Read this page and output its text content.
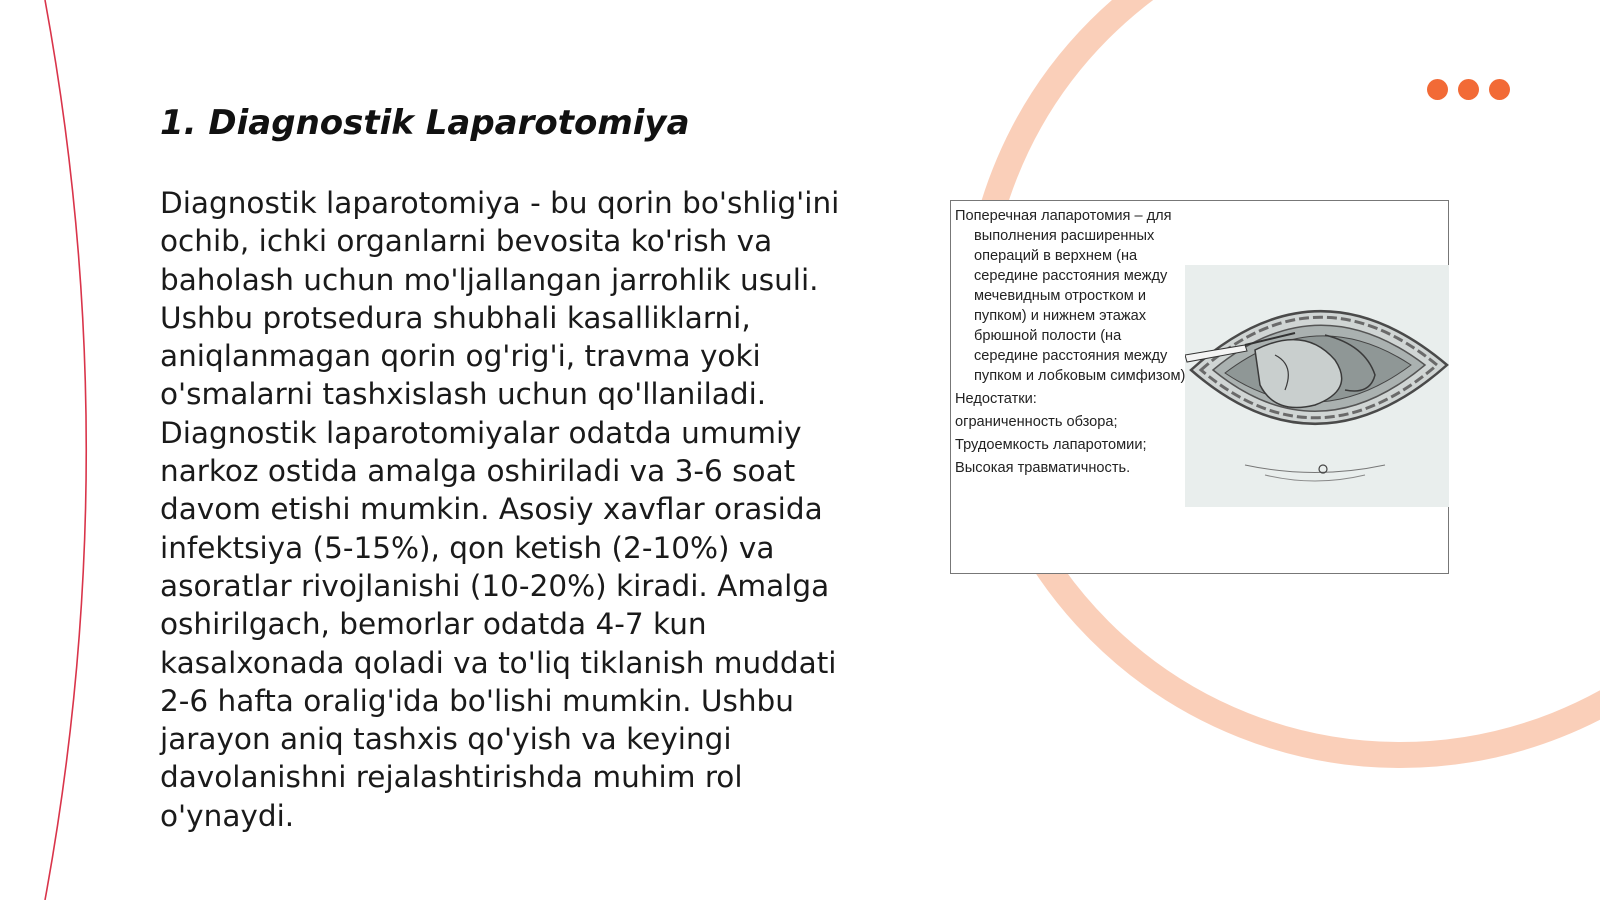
1. Diagnostik Laparotomiya

Diagnostik laparotomiya - bu qorin bo'shlig'ini ochib, ichki organlarni bevosita ko'rish va baholash uchun mo'ljallangan jarrohlik usuli. Ushbu protsedura shubhali kasalliklarni, aniqlanmagan qorin og'rig'i, travma yoki o'smalarni tashxislash uchun qo'llaniladi. Diagnostik laparotomiyalar odatda umumiy narkoz ostida amalga oshiriladi va 3-6 soat davom etishi mumkin. Asosiy xavflar orasida infektsiya (5-15%), qon ketish (2-10%) va asoratlar rivojlanishi (10-20%) kiradi. Amalga oshirilgach, bemorlar odatda 4-7 kun kasalxonada qoladi va to'liq tiklanish muddati 2-6 hafta oralig'ida bo'lishi mumkin. Ushbu jarayon aniq tashxis qo'yish va keyingi davolanishni rejalashtirishda muhim rol o'ynaydi.

Поперечная лапаротомия – для выполнения расширенных операций в верхнем (на середине расстояния между мечевидным отростком и пупком) и нижнем этажах брюшной полости (на середине расстояния между пупком и лобковым симфизом)

Недостатки:

ограниченность обзора;

Трудоемкость лапаротомии;

Высокая травматичность.
